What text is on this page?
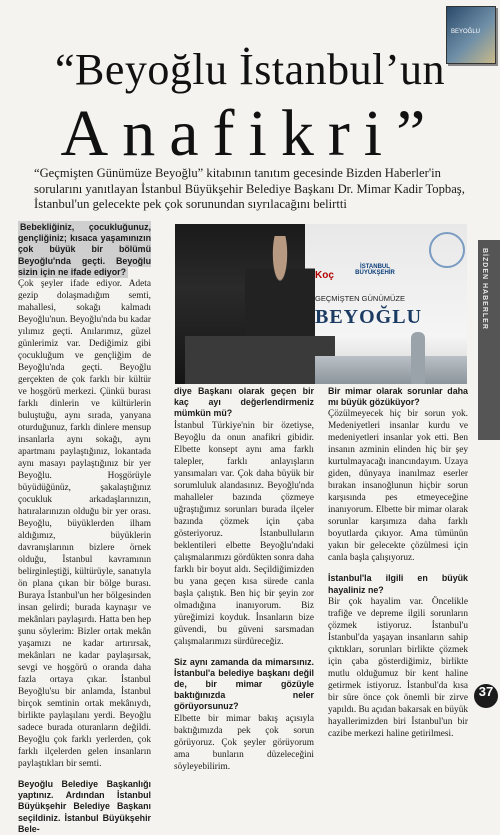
BEYOĞLU
“Beyoğlu İstanbul’un
Anafikri”
“Geçmişten Günümüze Beyoğlu” kitabının tanıtım gecesinde Bizden Haberler'in sorularını yanıtlayan İstanbul Büyükşehir Belediye Başkanı Dr. Mimar Kadir Topbaş, İstanbul'un gelecekte pek çok sorunundan sıyrılacağını belirtti

Bebekliğiniz, çocukluğunuz, gençliğiniz; kısaca yaşamınızın çok büyük bir bölümü Beyoğlu'nda geçti. Beyoğlu sizin için ne ifade ediyor?

Çok şeyler ifade ediyor. Adeta gezip dolaşmadığım semti, mahallesi, sokağı kalmadı Beyoğlu'nun. Beyoğlu'nda bu kadar yılımız geçti. Anılarımız, güzel günlerimiz var. Dediğimiz gibi çocukluğum ve gençliğim de Beyoğlu'nda geçti. Beyoğlu gerçekten de çok farklı bir kültür ve hoşgörü merkezi. Çünkü burası farklı dinlerin ve kültürlerin buluştuğu, aynı sırada, yanyana oturduğunuz, farklı dinlere mensup insanlarla aynı sokağı, aynı apartmanı paylaştığınız, lokantada aynı masayı paylaştığınız bir yer Beyoğlu. Hoşgörüyle büyüdüğünüz, şakalaştığınız çocukluk arkadaşlarınızın, hatıralarınızın olduğu bir yer orası. Beyoğlu, büyüklerden ilham aldığımız, büyüklerin davranışlarının bizlere örnek olduğu, İstanbul kavramının belirginleştiği, kültürüyle, sanatıyla ön plana çıkan bir bölge burası. Buraya İstanbul'un her bölgesinden insan gelirdi; burada kaynaşır ve mekânları paylaşırdı. Hatta ben hep şunu söylerim: Bizler ortak mekân yaşamızı ne kadar artırırsak, mekânları ne kadar paylaşırsak, sevgi ve hoşgörü o oranda daha fazla ortaya çıkar. İstanbul Beyoğlu'su bir anlamda, İstanbul birçok semtinin ortak mekânıydı, birlikte paylaşılanı yerdi. Beyoğlu sadece burada oturanların değildi. Beyoğlu çok farklı yerlerden, çok farklı ilçelerden gelen insanların paylaştıkları bir semti.

Beyoğlu Belediye Başkanlığı yaptınız. Ardından İstanbul Büyükşehir Belediye Başkanı seçildiniz. İstanbul Büyükşehir Bele-

Koç
İSTANBUL BÜYÜKŞEHİR
GEÇMİŞTEN GÜNÜMÜZE
BEYOĞLU

diye Başkanı olarak geçen bir kaç ayı değerlendirmeniz mümkün mü?

İstanbul Türkiye'nin bir özetiyse, Beyoğlu da onun anafikri gibidir. Elbette konsept aynı ama farklı talepler, farklı anlayışların yansımaları var. Çok daha büyük bir sorumluluk alandasınız. Beyoğlu'nda mahalleler bazında çözmeye uğraştığımız sorunları burada ilçeler bazında çözmek için çaba gösteriyoruz. İstanbulluların beklentileri elbette Beyoğlu'ndaki çalışmalarımızı gördükten sonra daha farklı bir boyut aldı. Seçildiğimizden bu yana geçen kısa sürede canla başla çalıştık. Ben hiç bir şeyin zor olmadığına inanıyorum. Biz yüreğimizi koyduk. İnsanların bize güvendi, bu güveni sarsmadan çalışmalarımızı sürdüreceğiz.

Siz aynı zamanda da mimarsınız. İstanbul'a belediye başkanı değil de, bir mimar gözüyle baktığınızda neler görüyorsunuz?

Elbette bir mimar bakış açısıyla baktığımızda pek çok sorun görüyoruz. Çok şeyler görüyorum ama bunların düzeleceğini söyleyebilirim.

Bir mimar olarak sorunlar daha mı büyük gözüküyor?

Çözülmeyecek hiç bir sorun yok. Medeniyetleri insanlar kurdu ve medeniyetleri insanlar yok etti. Ben insanın azminin elinden hiç bir şey kurtulmayacağı inancındayım. Uzaya giden, dünyaya inanılmaz eserler bırakan insanoğlunun hiçbir sorun karşısında pes etmeyeceğine inanıyorum. Elbette bir mimar olarak sorunlar karşımıza daha farklı boyutlarda çıkıyor. Ama tümünün yakın bir gelecekte çözülmesi için canla başla çalışıyoruz.

İstanbul'la ilgili en büyük hayaliniz ne?

Bir çok hayalim var. Öncelikle trafiğe ve depreme ilgili sorunların çözmek istiyoruz. İstanbul'u İstanbul'da yaşayan insanların sahip çıktıkları, sorunları birlikte çözmek için çaba gösterdiğimiz, birlikte mutlu olduğumuz bir kent haline getirmek istiyoruz. İstanbul'da kısa bir süre önce çok önemli bir zirve yapıldı. Bu açıdan bakarsak en büyük hayallerimizden biri İstanbul'un bir cazibe merkezi haline getirilmesi.

BİZDEN HABERLER
37
